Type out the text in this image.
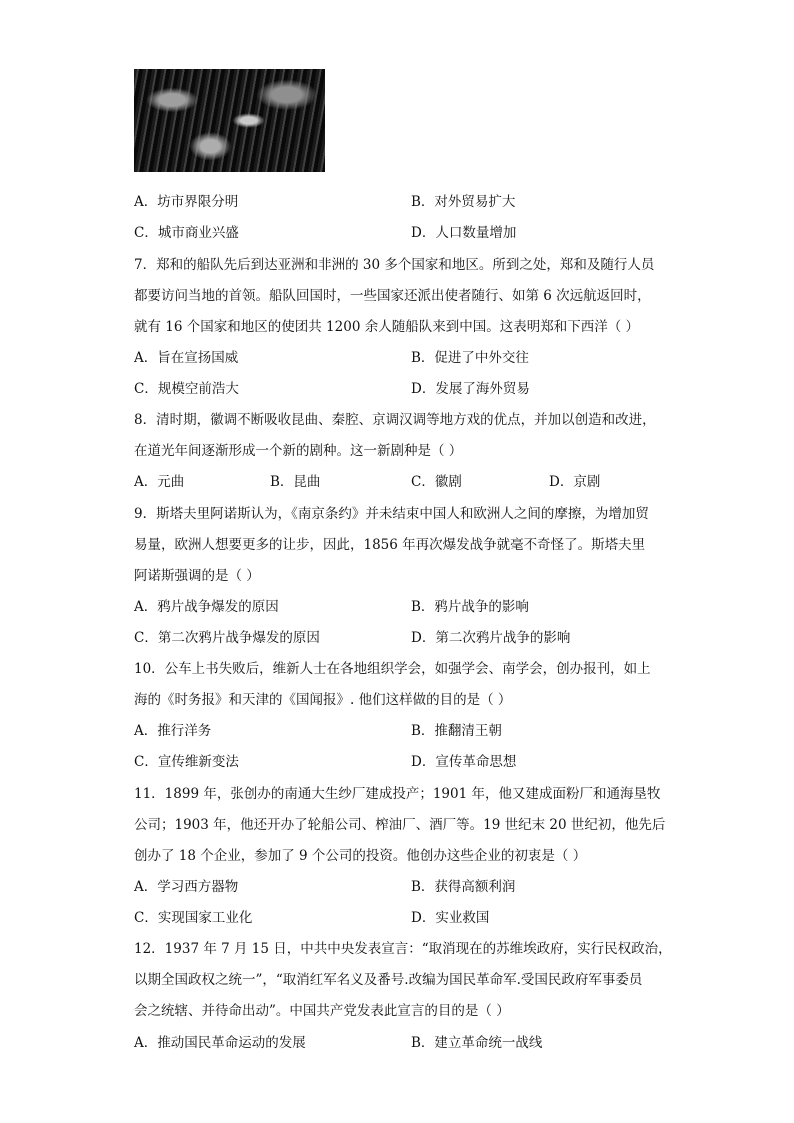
A．坊市界限分明	B．对外贸易扩大
C．城市商业兴盛	D．人口数量增加
7．郑和的船队先后到达亚洲和非洲的 30 多个国家和地区。所到之处，郑和及随行人员
都要访问当地的首领。船队回国时，一些国家还派出使者随行、如第 6 次远航返回时，
就有 16 个国家和地区的使团共 1200 余人随船队来到中国。这表明郑和下西洋（ ）
A．旨在宣扬国威	B．促进了中外交往
C．规模空前浩大	D．发展了海外贸易
8．清时期，徽调不断吸收昆曲、秦腔、京调汉调等地方戏的优点，并加以创造和改进，
在道光年间逐渐形成一个新的剧种。这一新剧种是（ ）
A．元曲	B．昆曲	C．徽剧	D．京剧
9．斯塔夫里阿诺斯认为，《南京条约》并未结束中国人和欧洲人之间的摩擦，为增加贸
易量，欧洲人想要更多的让步，因此，1856 年再次爆发战争就毫不奇怪了。斯塔夫里
阿诺斯强调的是（ ）
A．鸦片战争爆发的原因	B．鸦片战争的影响
C．第二次鸦片战争爆发的原因	D．第二次鸦片战争的影响
10．公车上书失败后，维新人士在各地组织学会，如强学会、南学会，创办报刊，如上
海的《时务报》和天津的《国闻报》. 他们这样做的目的是（ ）
A．推行洋务	B．推翻清王朝
C．宣传维新变法	D．宣传革命思想
11．1899 年，张创办的南通大生纱厂建成投产；1901 年，他又建成面粉厂和通海垦牧
公司；1903 年，他还开办了轮船公司、榨油厂、酒厂等。19 世纪末 20 世纪初，他先后
创办了 18 个企业，参加了 9 个公司的投资。他创办这些企业的初衷是（ ）
A．学习西方器物	B．获得高额利润
C．实现国家工业化	D．实业救国
12．1937 年 7 月 15 日，中共中央发表宣言：“取消现在的苏维埃政府，实行民权政治，
以期全国政权之统一”，“取消红军名义及番号.改编为国民革命军.受国民政府军事委员
会之统辖、并待命出动”。中国共产党发表此宣言的目的是（ ）
A．推动国民革命运动的发展	B．建立革命统一战线
